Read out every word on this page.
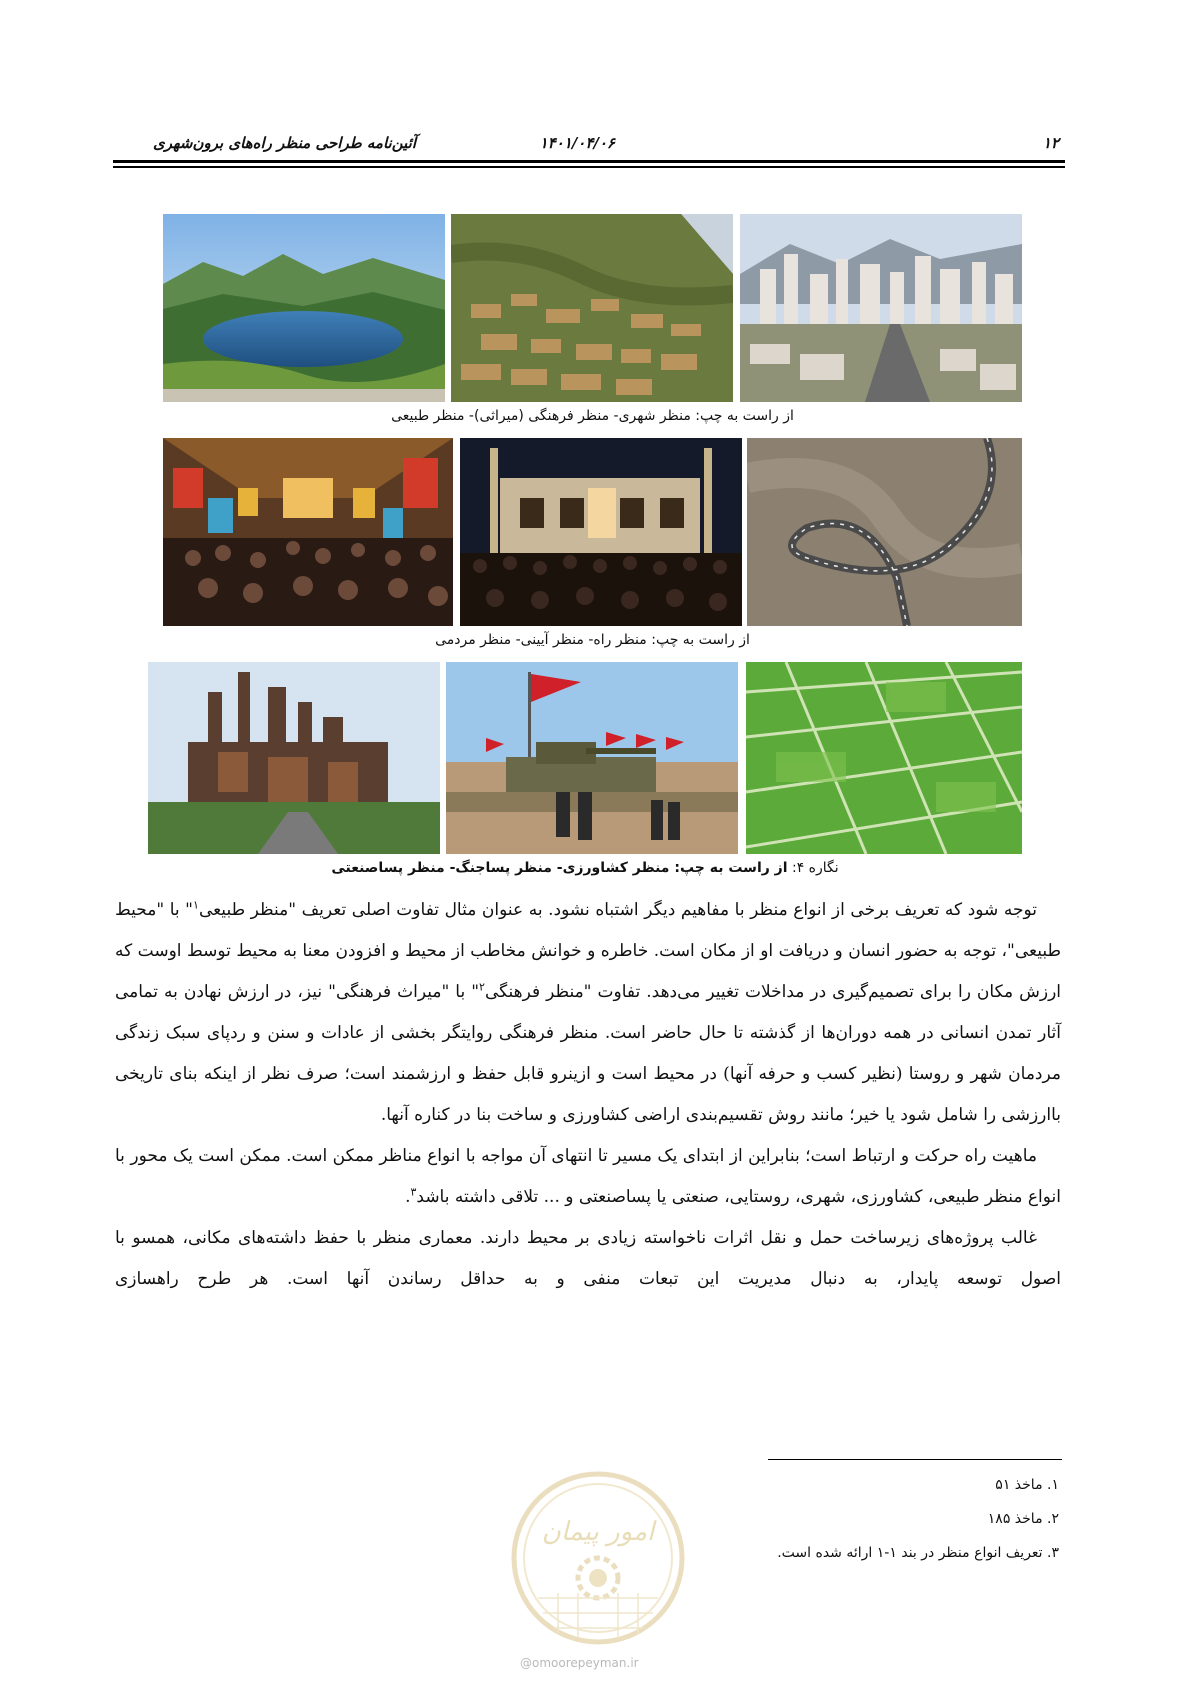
۱۲
۱۴۰۱/۰۴/۰۶
آئین‌نامه طراحی منظر راه‌های برون‌شهری
از راست به چپ: منظر شهری- منظر فرهنگی (میراثی)- منظر طبیعی
از راست به چپ: منظر راه- منظر آیینی- منظر مردمی
نگاره ۴: از راست به چپ: منظر کشاورزی- منظر پساجنگ- منظر پساصنعتی

توجه شود که تعریف برخی از انواع منظر با مفاهیم دیگر اشتباه نشود. به عنوان مثال تفاوت اصلی تعریف "منظر طبیعی$^۱$" با "محیط طبیعی"، توجه به حضور انسان و دریافت او از مکان است. خاطره و خوانش مخاطب از محیط و افزودن معنا به محیط توسط اوست که ارزش مکان را برای تصمیم‌گیری در مداخلات تغییر می‌دهد. تفاوت "منظر فرهنگی$^۲$" با "میراث فرهنگی" نیز، در ارزش نهادن به تمامی آثار تمدن انسانی در همه دوران‌ها از گذشته تا حال حاضر است. منظر فرهنگی روایتگر بخشی از عادات و سنن و ردپای سبک زندگی مردمان شهر و روستا (نظیر کسب و حرفه آنها) در محیط است و ازینرو قابل حفظ و ارزشمند است؛ صرف نظر از اینکه بنای تاریخی باارزشی را شامل شود یا خیر؛ مانند روش تقسیم‌بندی اراضی کشاورزی و ساخت بنا در کناره آنها.

ماهیت راه حرکت و ارتباط است؛ بنابراین از ابتدای یک مسیر تا انتهای آن مواجه با انواع مناظر ممکن است. ممکن است یک محور با انواع منظر طبیعی، کشاورزی، شهری، روستایی، صنعتی یا پساصنعتی و ... تلاقی داشته باشد$^۳$.

غالب پروژه‌های زیرساخت حمل و نقل اثرات ناخواسته زیادی بر محیط دارند. معماری منظر با حفظ داشته‌های مکانی، همسو با اصول توسعه پایدار، به دنبال مدیریت این تبعات منفی و به حداقل رساندن آنها است. هر طرح راهسازی

۱. ماخذ ۵۱
۲. ماخذ ۱۸۵
۳. تعریف انواع منظر در بند ۱-۱ ارائه شده است.
امور پیمان
@omoorepeyman.ir
